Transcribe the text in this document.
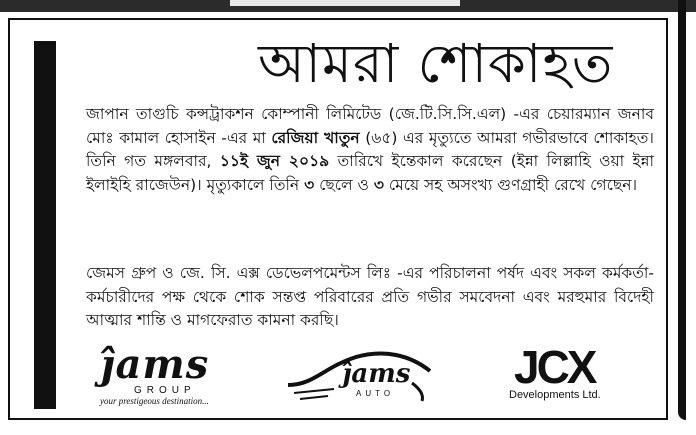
আমরা শোকাহত
জাপান তাগুচি কন্সট্রাকশন কোম্পানী লিমিটেড (জে.টি.সি.সি.এল) -এর চেয়ারম্যান জনাব মোঃ কামাল হোসাইন -এর মা রেজিয়া খাতুন (৬৫) এর মৃত্যুতে আমরা গভীরভাবে শোকাহত। তিনি গত মঙ্গলবার, ১১ই জুন ২০১৯ তারিখে ইন্তেকাল করেছেন (ইন্না লিল্লাহি ওয়া ইন্না ইলাইহি রাজেউন)। মৃত্যুকালে তিনি ৩ ছেলে ও ৩ মেয়ে সহ অসংখ্য গুণগ্রাহী রেখে গেছেন।
জেমস গ্রুপ ও জে. সি. এক্স ডেভেলপমেন্টস লিঃ -এর পরিচালনা পর্ষদ এবং সকল কর্মকর্তা-কর্মচারীদের পক্ষ থেকে শোক সন্তপ্ত পরিবারের প্রতি গভীর সমবেদনা এবং মরহুমার বিদেহী আত্মার শান্তি ও মাগফেরাত কামনা করছি।
ĵams
GROUP
your prestigeous destination...
ĵams
AUTO
JCX
Developments Ltd.
